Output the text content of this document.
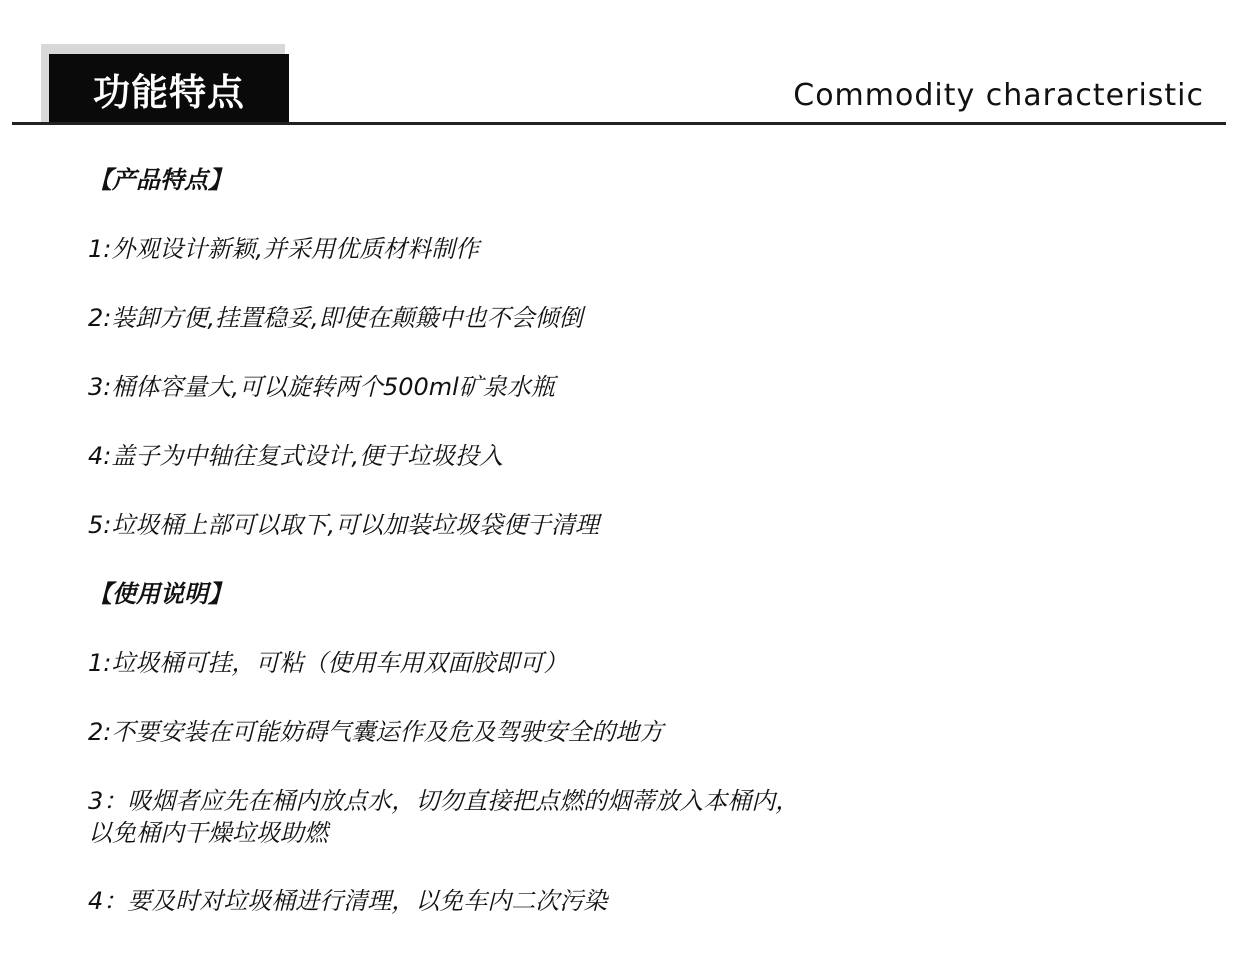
功能特点	Commodity characteristic
【产品特点】
1:外观设计新颖,并采用优质材料制作
2:装卸方便,挂置稳妥,即使在颠簸中也不会倾倒
3:桶体容量大,可以旋转两个500ml矿泉水瓶
4:盖子为中轴往复式设计,便于垃圾投入
5:垃圾桶上部可以取下,可以加装垃圾袋便于清理
【使用说明】
1:垃圾桶可挂，可粘（使用车用双面胶即可）
2:不要安装在可能妨碍气囊运作及危及驾驶安全的地方
3：吸烟者应先在桶内放点水，切勿直接把点燃的烟蒂放入本桶内，
以免桶内干燥垃圾助燃
4：要及时对垃圾桶进行清理，以免车内二次污染
